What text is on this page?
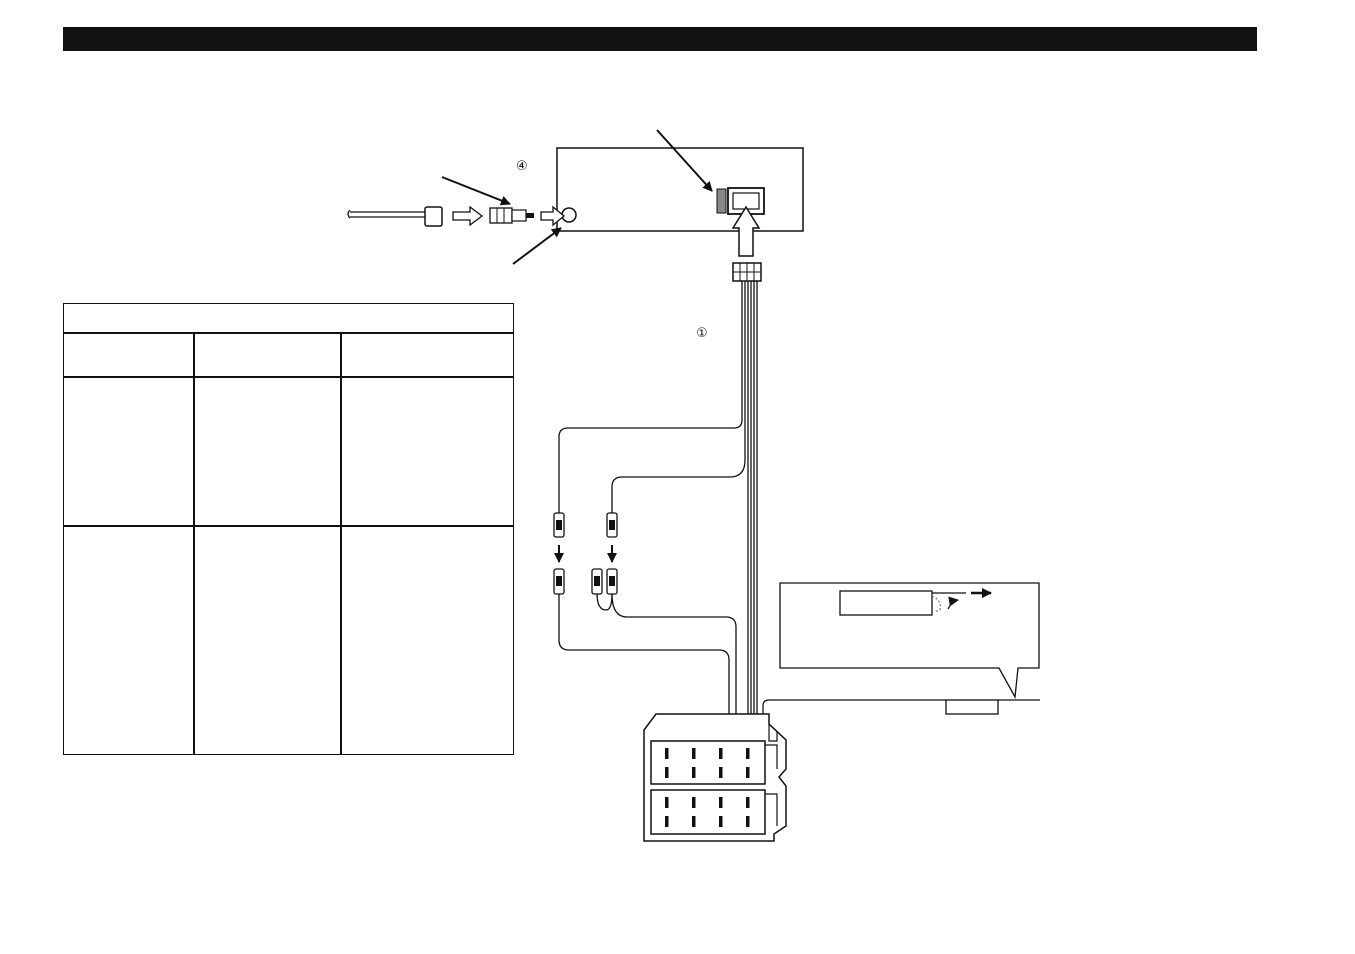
④
①
